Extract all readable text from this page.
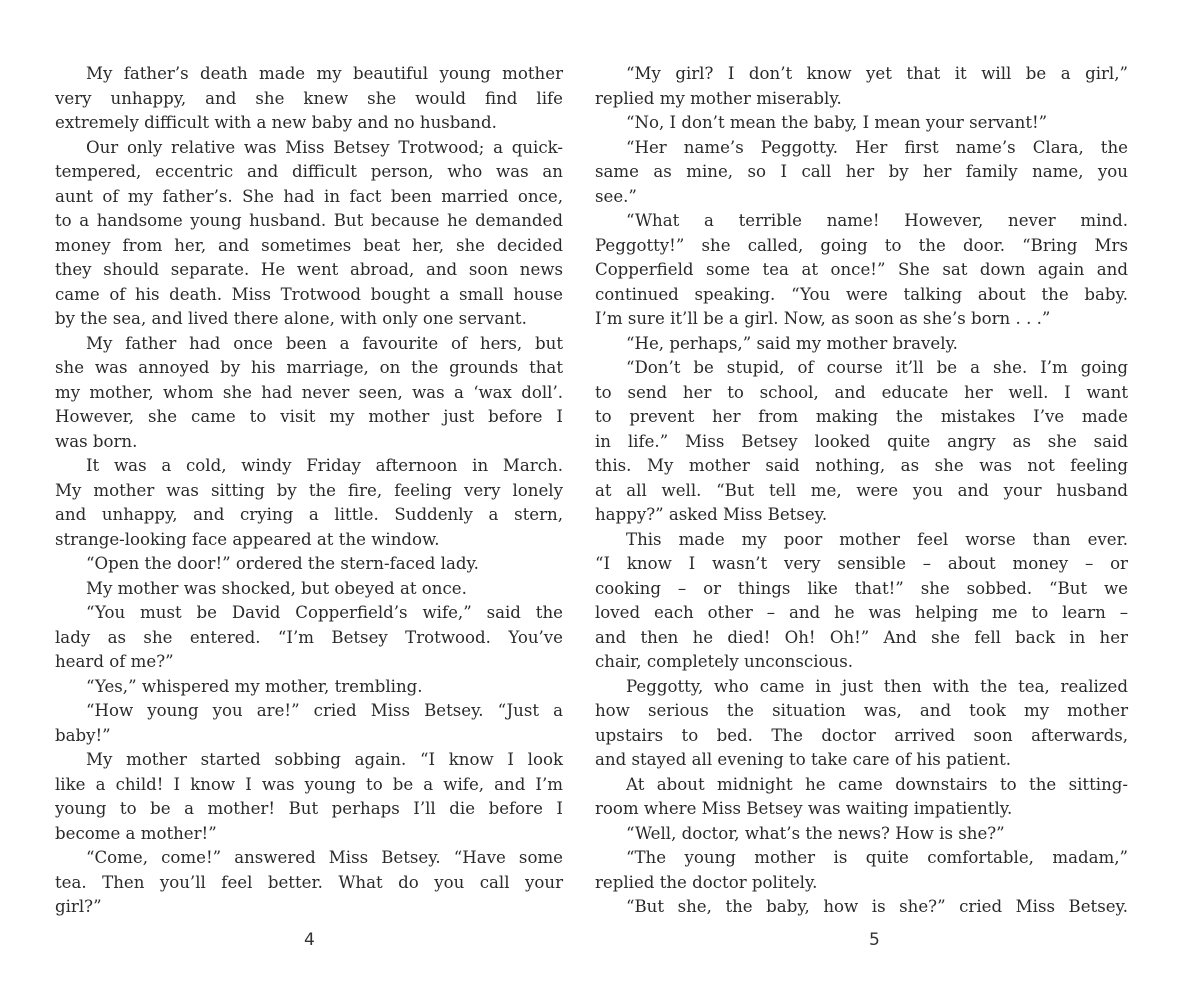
My father’s death made my beautiful young mother
very unhappy, and she knew she would find life
extremely difficult with a new baby and no husband.
Our only relative was Miss Betsey Trotwood; a quick-
tempered, eccentric and difficult person, who was an
aunt of my father’s. She had in fact been married once,
to a handsome young husband. But because he demanded
money from her, and sometimes beat her, she decided
they should separate. He went abroad, and soon news
came of his death. Miss Trotwood bought a small house
by the sea, and lived there alone, with only one servant.
My father had once been a favourite of hers, but
she was annoyed by his marriage, on the grounds that
my mother, whom she had never seen, was a ‘wax doll’.
However, she came to visit my mother just before I
was born.
It was a cold, windy Friday afternoon in March.
My mother was sitting by the fire, feeling very lonely
and unhappy, and crying a little. Suddenly a stern,
strange-looking face appeared at the window.
“Open the door!” ordered the stern-faced lady.
My mother was shocked, but obeyed at once.
“You must be David Copperfield’s wife,” said the
lady as she entered. “I’m Betsey Trotwood. You’ve
heard of me?”
“Yes,” whispered my mother, trembling.
“How young you are!” cried Miss Betsey. “Just a
baby!”
My mother started sobbing again. “I know I look
like a child! I know I was young to be a wife, and I’m
young to be a mother! But perhaps I’ll die before I
become a mother!”
“Come, come!” answered Miss Betsey. “Have some
tea. Then you’ll feel better. What do you call your
girl?”
“My girl? I don’t know yet that it will be a girl,”
replied my mother miserably.
“No, I don’t mean the baby, I mean your servant!”
“Her name’s Peggotty. Her first name’s Clara, the
same as mine, so I call her by her family name, you
see.”
“What a terrible name! However, never mind.
Peggotty!” she called, going to the door. “Bring Mrs
Copperfield some tea at once!” She sat down again and
continued speaking. “You were talking about the baby.
I’m sure it’ll be a girl. Now, as soon as she’s born . . .”
“He, perhaps,” said my mother bravely.
“Don’t be stupid, of course it’ll be a she. I’m going
to send her to school, and educate her well. I want
to prevent her from making the mistakes I’ve made
in life.” Miss Betsey looked quite angry as she said
this. My mother said nothing, as she was not feeling
at all well. “But tell me, were you and your husband
happy?” asked Miss Betsey.
This made my poor mother feel worse than ever.
“I know I wasn’t very sensible – about money – or
cooking – or things like that!” she sobbed. “But we
loved each other – and he was helping me to learn –
and then he died! Oh! Oh!” And she fell back in her
chair, completely unconscious.
Peggotty, who came in just then with the tea, realized
how serious the situation was, and took my mother
upstairs to bed. The doctor arrived soon afterwards,
and stayed all evening to take care of his patient.
At about midnight he came downstairs to the sitting-
room where Miss Betsey was waiting impatiently.
“Well, doctor, what’s the news? How is she?”
“The young mother is quite comfortable, madam,”
replied the doctor politely.
“But she, the baby, how is she?” cried Miss Betsey.
4	5
